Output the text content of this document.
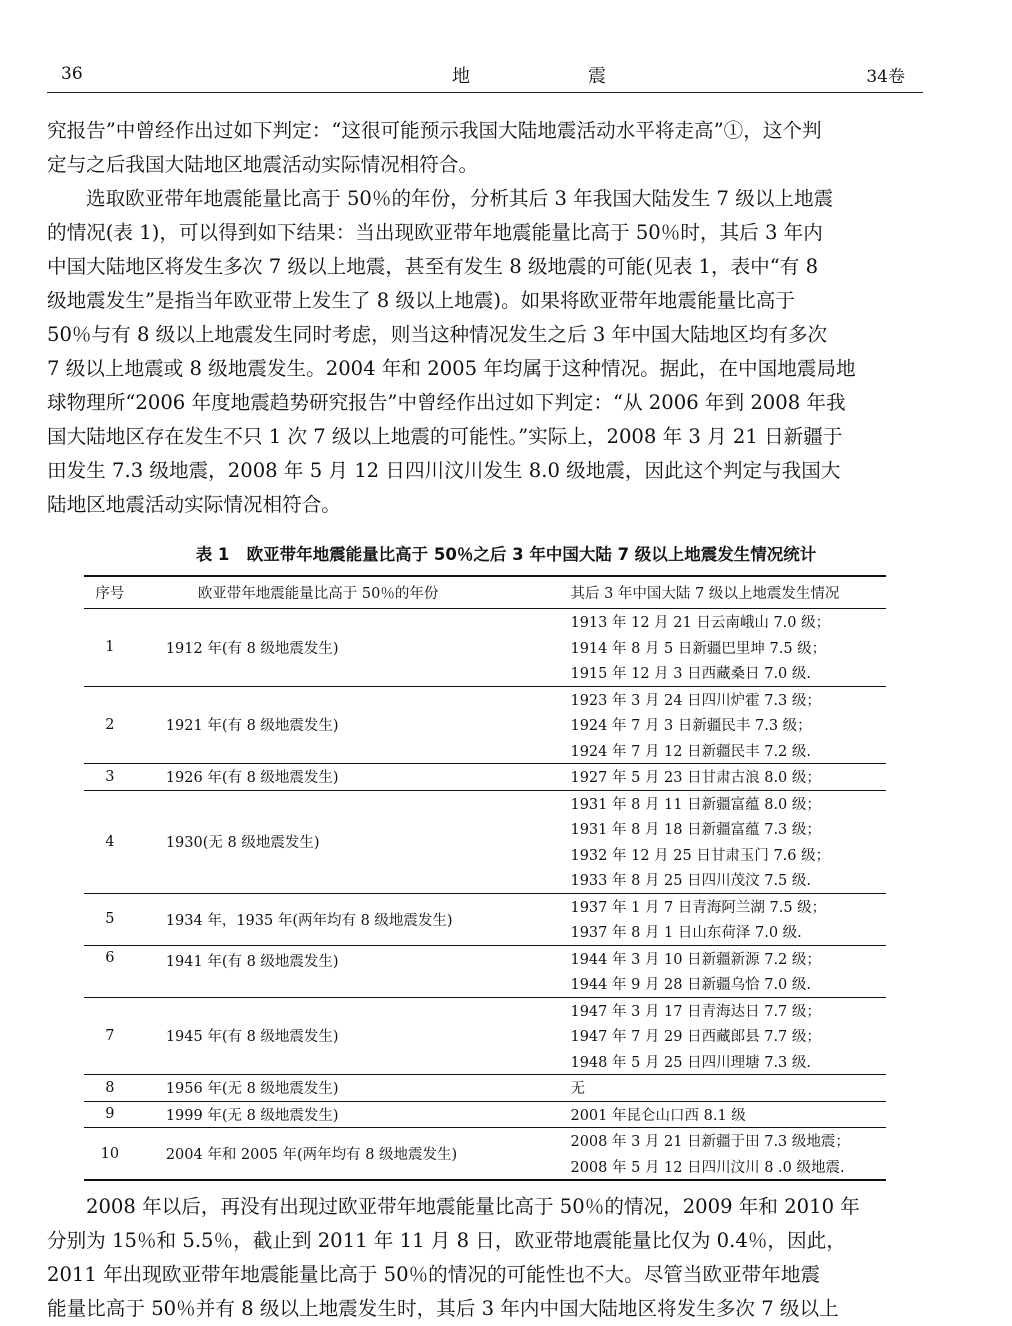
36	地	震	34卷

究报告”中曾经作出过如下判定：“这很可能预示我国大陆地震活动水平将走高”①，这个判
定与之后我国大陆地区地震活动实际情况相符合。

选取欧亚带年地震能量比高于 50％的年份，分析其后 3 年我国大陆发生 7 级以上地震
的情况(表 1)，可以得到如下结果：当出现欧亚带年地震能量比高于 50％时，其后 3 年内
中国大陆地区将发生多次 7 级以上地震，甚至有发生 8 级地震的可能(见表 1，表中“有 8
级地震发生”是指当年欧亚带上发生了 8 级以上地震)。如果将欧亚带年地震能量比高于
50％与有 8 级以上地震发生同时考虑，则当这种情况发生之后 3 年中国大陆地区均有多次
7 级以上地震或 8 级地震发生。2004 年和 2005 年均属于这种情况。据此，在中国地震局地
球物理所“2006 年度地震趋势研究报告”中曾经作出过如下判定：“从 2006 年到 2008 年我
国大陆地区存在发生不只 1 次 7 级以上地震的可能性。”实际上，2008 年 3 月 21 日新疆于
田发生 7.3 级地震，2008 年 5 月 12 日四川汶川发生 8.0 级地震，因此这个判定与我国大
陆地区地震活动实际情况相符合。

表 1 欧亚带年地震能量比高于 50％之后 3 年中国大陆 7 级以上地震发生情况统计
序号	欧亚带年地震能量比高于 50％的年份	其后 3 年中国大陆 7 级以上地震发生情况
1	1912 年(有 8 级地震发生)	1913 年 12 月 21 日云南峨山 7.0 级；
		1914 年 8 月 5 日新疆巴里坤 7.5 级；
		1915 年 12 月 3 日西藏桑日 7.0 级.
2	1921 年(有 8 级地震发生)	1923 年 3 月 24 日四川炉霍 7.3 级；
		1924 年 7 月 3 日新疆民丰 7.3 级；
		1924 年 7 月 12 日新疆民丰 7.2 级.
3	1926 年(有 8 级地震发生)	1927 年 5 月 23 日甘肃古浪 8.0 级；
4	1930(无 8 级地震发生)	1931 年 8 月 11 日新疆富蕴 8.0 级；
		1931 年 8 月 18 日新疆富蕴 7.3 级；
		1932 年 12 月 25 日甘肃玉门 7.6 级；
		1933 年 8 月 25 日四川茂汶 7.5 级.
5	1934 年，1935 年(两年均有 8 级地震发生)	1937 年 1 月 7 日青海阿兰湖 7.5 级；
		1937 年 8 月 1 日山东荷泽 7.0 级.
6	1941 年(有 8 级地震发生)	1944 年 3 月 10 日新疆新源 7.2 级；
		1944 年 9 月 28 日新疆乌恰 7.0 级.
7	1945 年(有 8 级地震发生)	1947 年 3 月 17 日青海达日 7.7 级；
		1947 年 7 月 29 日西藏郎县 7.7 级；
		1948 年 5 月 25 日四川理塘 7.3 级.
8	1956 年(无 8 级地震发生)	无
9	1999 年(无 8 级地震发生)	2001 年昆仑山口西 8.1 级
10	2004 年和 2005 年(两年均有 8 级地震发生)	2008 年 3 月 21 日新疆于田 7.3 级地震；
		2008 年 5 月 12 日四川汶川 8 .0 级地震.

2008 年以后，再没有出现过欧亚带年地震能量比高于 50％的情况，2009 年和 2010 年
分别为 15％和 5.5％，截止到 2011 年 11 月 8 日，欧亚带地震能量比仅为 0.4％，因此，
2011 年出现欧亚带年地震能量比高于 50％的情况的可能性也不大。尽管当欧亚带年地震
能量比高于 50％并有 8 级以上地震发生时，其后 3 年内中国大陆地区将发生多次 7 级以上
